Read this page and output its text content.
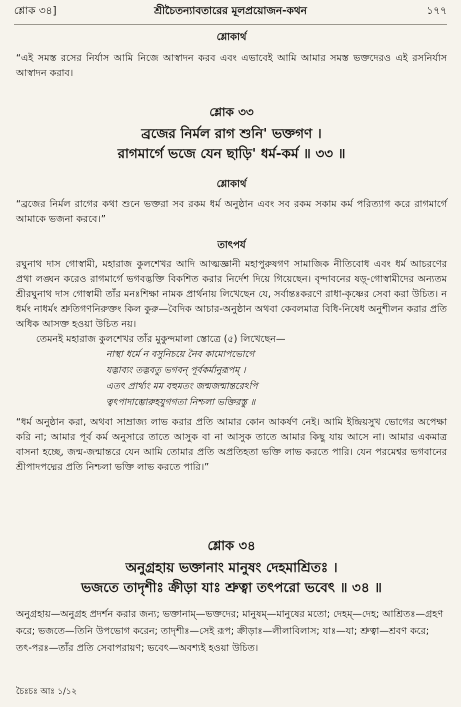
শ্লোক ৩৪]	শ্রীচৈতন্যাবতারের মূলপ্রয়োজন-কথন	১৭৭
শ্লোকার্থ
“এই সমস্ত রসের নির্যাস আমি নিজে আস্বাদন করব এবং এভাবেই আমি আমার সমস্ত ভক্তদেরও এই রসনির্যাস আস্বাদন করাব।
শ্লোক ৩৩
ব্রজের নির্মল রাগ শুনি' ভক্তগণ ।
রাগমার্গে ভজে যেন ছাড়ি' ধর্ম-কর্ম ॥ ৩৩ ॥
শ্লোকার্থ
“ব্রজের নির্মল রাগের কথা শুনে ভক্তরা সব রকম ধর্ম অনুষ্ঠান এবং সব রকম সকাম কর্ম পরিত্যাগ করে রাগমার্গে আমাকে ভজনা করবে।”
তাৎপর্য
রঘুনাথ দাস গোস্বামী, মহারাজ কুলশেখর আদি আত্মজ্ঞানী মহাপুরুষগণ সামাজিক নীতিবোধ এবং ধর্ম আচরণের প্রথা লঙ্ঘন করেও রাগমার্গে ভগবদ্ভক্তি বিকশিত করার নির্দেশ দিয়ে গিয়েছেন। বৃন্দাবনের ষড়্-গোস্বামীদের অন্যতম শ্রীরঘুনাথ দাস গোস্বামী তাঁর মনঃশিক্ষা নামক প্রার্থনায় লিখেছেন যে, সর্বান্তঃকরণে রাধা-কৃষ্ণের সেবা করা উচিত। ন ধর্মং নাধর্মং শ্রুতিগণনিরুক্তং কিল কুরু—বৈদিক আচার-অনুষ্ঠান অথবা কেবলমাত্র বিধি-নিষেধ অনুশীলন করার প্রতি অধিক আসক্ত হওয়া উচিত নয়।
তেমনই মহারাজ কুলশেখর তাঁর মুকুন্দমালা স্তোত্রে (৫) লিখেছেন—
নাস্থা ধর্মে ন বসুনিচয়ে নৈব কামোপভোগে
যদ্ভাব্যং তদ্ভবতু ভগবন্ পূর্বকর্মানুরূপম্ ।
এতৎ প্রার্থ্যং মম বহুমতং জন্মজন্মান্তরেঽপি
ত্বৎপাদাম্ভোরুহযুগগতা নিশ্চলা ভক্তিরস্তু ॥
“ধর্ম অনুষ্ঠান করা, অথবা সাম্রাজ্য লাভ করার প্রতি আমার কোন আকর্ষণ নেই। আমি ইন্দ্রিয়সুখ ভোগের অপেক্ষা করি না; আমার পূর্ব কর্ম অনুসারে তাতে আসুক বা না আসুক তাতে আমার কিছু যায় আসে না। আমার একমাত্র বাসনা হচ্ছে, জন্ম-জন্মান্তরে যেন আমি তোমার প্রতি অপ্রতিহতা ভক্তি লাভ করতে পারি। যেন পরমেশ্বর ভগবানের শ্রীপাদপদ্মের প্রতি নিশ্চলা ভক্তি লাভ করতে পারি।”
শ্লোক ৩৪
অনুগ্রহায় ভক্তানাং মানুষং দেহমাশ্রিতঃ ।
ভজতে তাদৃশীঃ ক্রীড়া যাঃ শ্রুত্বা তৎপরো ভবেৎ ॥ ৩৪ ॥
অনুগ্রহায়—অনুগ্রহ প্রদর্শন করার জন্য; ভক্তানাম্—ভক্তদের; মানুষম্—মানুষের মতো; দেহম্—দেহ; আশ্রিতঃ—গ্রহণ করে; ভজতে—তিনি উপভোগ করেন; তাদৃশীঃ—সেই রূপ; ক্রীড়াঃ—লীলাবিলাস; যাঃ—যা; শ্রুত্বা—শ্রবণ করে; তৎ-পরঃ—তাঁর প্রতি সেবাপরায়ণ; ভবেৎ—অবশ্যই হওয়া উচিত।
চৈঃচঃ আঃ ১/১২
